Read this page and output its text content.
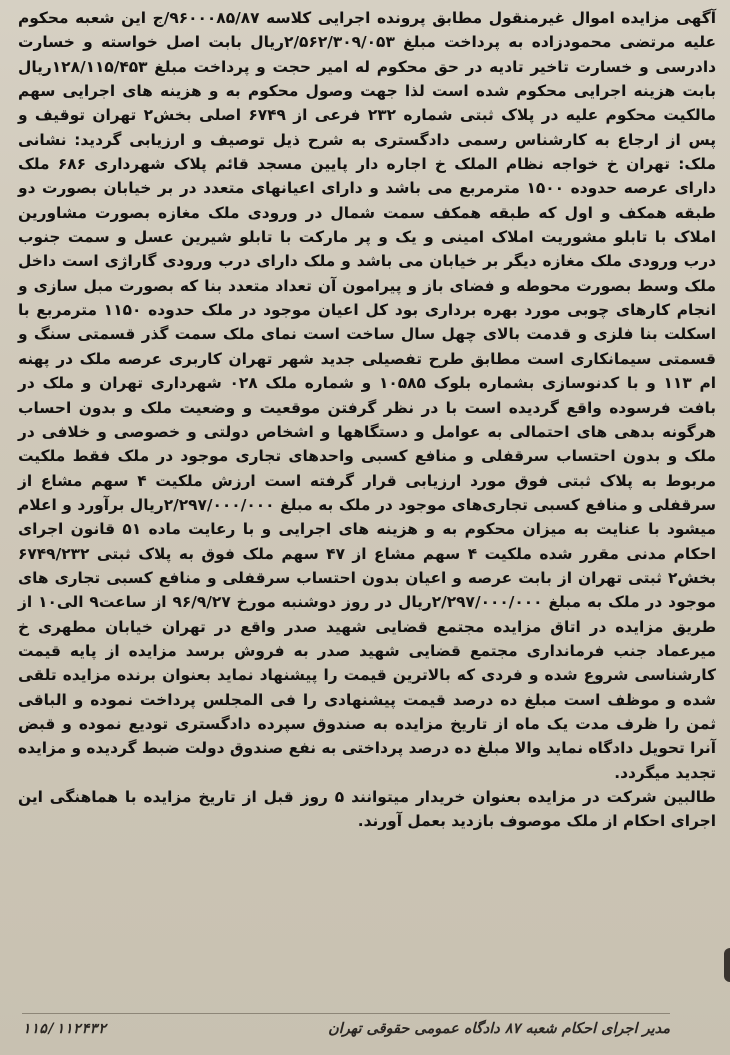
آگهی مزایده اموال غیرمنقول مطابق پرونده اجرایی کلاسه ۹۶۰۰۰۸۵/۸۷/ج این شعبه محکوم علیه مرتضی محمودزاده به پرداخت مبلغ ۲/۵۶۲/۳۰۹/۰۵۳ریال بابت اصل خواسته و خسارت دادرسی و خسارت تاخیر تادیه در حق محکوم له امیر حجت و پرداخت مبلغ ۱۲۸/۱۱۵/۴۵۳ریال بابت هزینه اجرایی محکوم شده است لذا جهت وصول محکوم به و هزینه های اجرایی سهم مالکیت محکوم علیه در پلاک ثبتی شماره ۲۳۲ فرعی از ۶۷۴۹ اصلی بخش۲ تهران توقیف و پس از ارجاع به کارشناس رسمی دادگستری به شرح ذیل توصیف و ارزیابی گردید: نشانی ملک: تهران خ خواجه نظام الملک خ اجاره دار پایین مسجد قائم پلاک شهرداری ۶۸۶ ملک دارای عرصه حدوده ۱۵۰۰ مترمربع می باشد و دارای اعیانهای متعدد در بر خیابان بصورت دو طبقه همکف و اول که طبقه همکف سمت شمال در ورودی ملک مغازه بصورت مشاورین املاک با تابلو مشوریت املاک امینی و یک و پر مارکت با تابلو شیرین عسل و سمت جنوب درب ورودی ملک مغازه دیگر بر خیابان می باشد و ملک دارای درب ورودی گاراژی است داخل ملک وسط بصورت محوطه و فضای باز و پیرامون آن تعداد متعدد بنا که بصورت مبل سازی و انجام کارهای چوبی مورد بهره برداری بود کل اعیان موجود در ملک حدوده ۱۱۵۰ مترمربع با اسکلت بنا فلزی و قدمت بالای چهل سال ساخت است نمای ملک سمت گذر قسمتی سنگ و قسمتی سیمانکاری است مطابق طرح تفصیلی جدید شهر تهران کاربری عرصه ملک در پهنه ام ۱۱۳ و با کدنوسازی بشماره بلوک ۱۰۵۸۵ و شماره ملک ۰۲۸ شهرداری تهران و ملک در بافت فرسوده واقع گردیده است با در نظر گرفتن موقعیت و وضعیت ملک و بدون احساب هرگونه بدهی های احتمالی به عوامل و دستگاهها و اشخاص دولتی و خصوصی و خلافی در ملک و بدون احتساب سرقفلی و منافع کسبی واحدهای تجاری موجود در ملک فقط ملکیت مربوط به پلاک ثبتی فوق مورد ارزیابی قرار گرفته است ارزش ملکیت ۴ سهم مشاع از سرقفلی و منافع کسبی تجاری‌های موجود در ملک به مبلغ ۲/۲۹۷/۰۰۰/۰۰۰ریال برآورد و اعلام میشود با عنایت به میزان محکوم به و هزینه های اجرایی و با رعایت ماده ۵۱ قانون اجرای احکام مدنی مقرر شده ملکیت ۴ سهم مشاع از ۴۷ سهم ملک فوق به پلاک ثبتی ۶۷۴۹/۲۳۲ بخش۲ ثبتی تهران از بابت عرصه و اعیان بدون احتساب سرقفلی و منافع کسبی تجاری های موجود در ملک به مبلغ ۲/۲۹۷/۰۰۰/۰۰۰ریال در روز دوشنبه مورخ ۹۶/۹/۲۷ از ساعت۹ الی۱۰ از طریق مزایده در اتاق مزایده مجتمع قضایی شهید صدر واقع در تهران خیابان مطهری خ میرعماد جنب فرمانداری مجتمع قضایی شهید صدر به فروش برسد مزایده از پایه قیمت کارشناسی شروع شده و فردی که بالاترین قیمت را پیشنهاد نماید بعنوان برنده مزایده تلقی شده و موظف است مبلغ ده درصد قیمت پیشنهادی را فی المجلس پرداخت نموده و الباقی ثمن را ظرف مدت یک ماه از تاریخ مزایده به صندوق سپرده دادگستری تودیع نموده و قبض آنرا تحویل دادگاه نماید والا مبلغ ده درصد پرداختی به نفع صندوق دولت ضبط گردیده و مزایده تجدید میگردد.

طالبین شرکت در مزایده بعنوان خریدار میتوانند ۵ روز قبل از تاریخ مزایده با هماهنگی این اجرای احکام از ملک موصوف بازدید بعمل آورند.

مدیر اجرای احکام شعبه ۸۷ دادگاه عمومی حقوقی تهران
۱۱۵/۱۱۲۴۳۲
